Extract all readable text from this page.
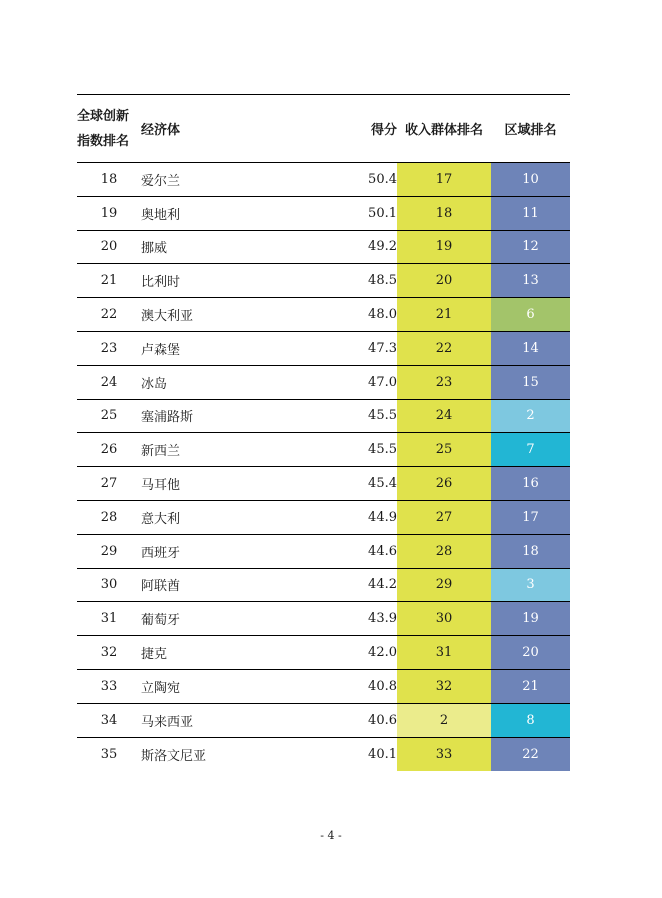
全球创新
指数排名	经济体	得分	收入群体排名	区域排名
18	爱尔兰	50.4	17	10
19	奥地利	50.1	18	11
20	挪威	49.2	19	12
21	比利时	48.5	20	13
22	澳大利亚	48.0	21	6
23	卢森堡	47.3	22	14
24	冰岛	47.0	23	15
25	塞浦路斯	45.5	24	2
26	新西兰	45.5	25	7
27	马耳他	45.4	26	16
28	意大利	44.9	27	17
29	西班牙	44.6	28	18
30	阿联酋	44.2	29	3
31	葡萄牙	43.9	30	19
32	捷克	42.0	31	20
33	立陶宛	40.8	32	21
34	马来西亚	40.6	2	8
35	斯洛文尼亚	40.1	33	22
- 4 -
